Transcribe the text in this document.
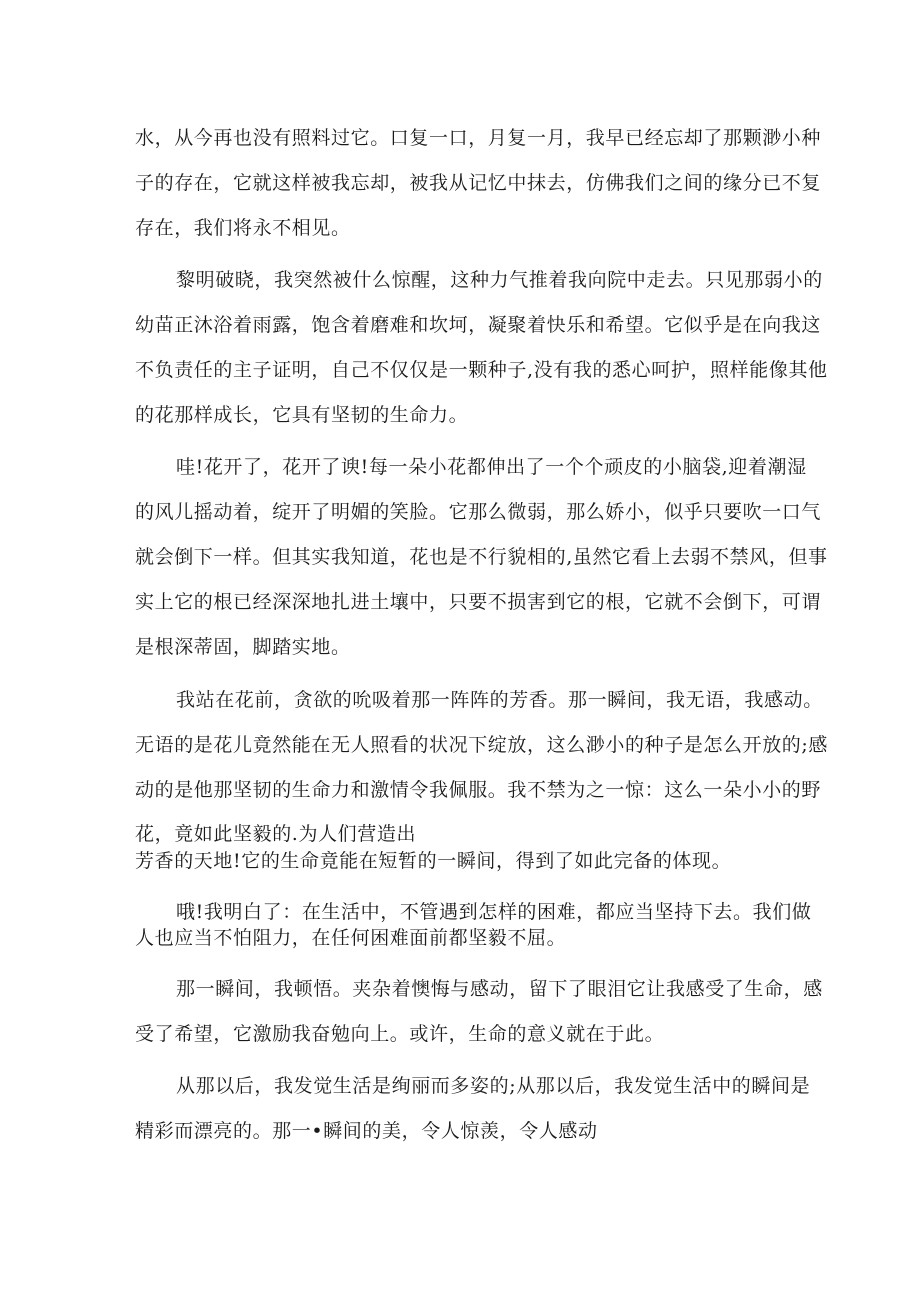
水，从今再也没有照料过它。口复一口，月复一月，我早已经忘却了那颗渺小种
子的存在，它就这样被我忘却，被我从记忆中抹去，仿佛我们之间的缘分已不复
存在，我们将永不相见。
黎明破晓，我突然被什么惊醒，这种力气推着我向院中走去。只见那弱小的
幼苗正沐浴着雨露，饱含着磨难和坎坷，凝聚着快乐和希望。它似乎是在向我这
不负责任的主子证明，自己不仅仅是一颗种子,没有我的悉心呵护，照样能像其他
的花那样成长，它具有坚韧的生命力。
哇!花开了，花开了谀!每一朵小花都伸出了一个个顽皮的小脑袋,迎着潮湿
的风儿摇动着，绽开了明媚的笑脸。它那么微弱，那么娇小，似乎只要吹一口气
就会倒下一样。但其实我知道，花也是不行貌相的,虽然它看上去弱不禁风，但事
实上它的根已经深深地扎进土壤中，只要不损害到它的根，它就不会倒下，可谓
是根深蒂固，脚踏实地。
我站在花前，贪欲的吮吸着那一阵阵的芳香。那一瞬间，我无语，我感动。
无语的是花儿竟然能在无人照看的状况下绽放，这么渺小的种子是怎么开放的;感
动的是他那坚韧的生命力和激情令我佩服。我不禁为之一惊：这么一朵小小的野
花，竟如此坚毅的.为人们营造出
芳香的天地!它的生命竟能在短暂的一瞬间，得到了如此完备的体现。
哦!我明白了：在生活中，不管遇到怎样的困难，都应当坚持下去。我们做
人也应当不怕阻力，在任何困难面前都坚毅不屈。
那一瞬间，我顿悟。夹杂着懊悔与感动，留下了眼泪它让我感受了生命，感
受了希望，它激励我奋勉向上。或许，生命的意义就在于此。
从那以后，我发觉生活是绚丽而多姿的;从那以后，我发觉生活中的瞬间是
精彩而漂亮的。那一•瞬间的美，令人惊羡，令人感动
